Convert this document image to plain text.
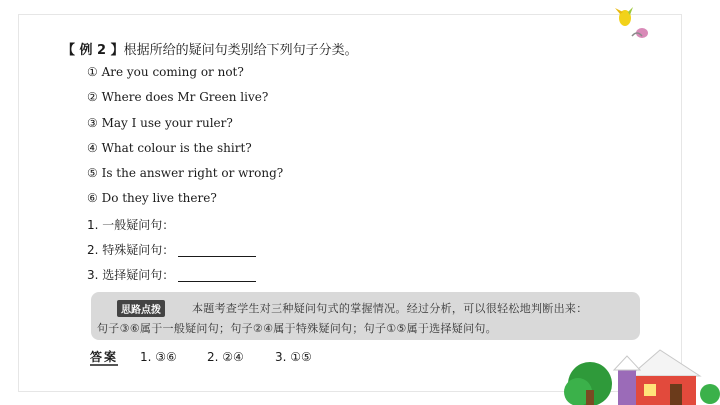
【 例 2 】根据所给的疑问句类别给下列句子分类。
① Are you coming or not?
② Where does Mr Green live?
③ May I use your ruler?
④ What colour is the shirt?
⑤ Is the answer right or wrong?
⑥ Do they live there?
1. 一般疑问句：
2. 特殊疑问句：
3. 选择疑问句：
思路点拨	本题考查学生对三种疑问句式的掌握情况。经过分析，可以很轻松地判断出来：
句子③⑥属于一般疑问句；句子②④属于特殊疑问句；句子①⑤属于选择疑问句。
答案 1. ③⑥	2. ②④	3. ①⑤
